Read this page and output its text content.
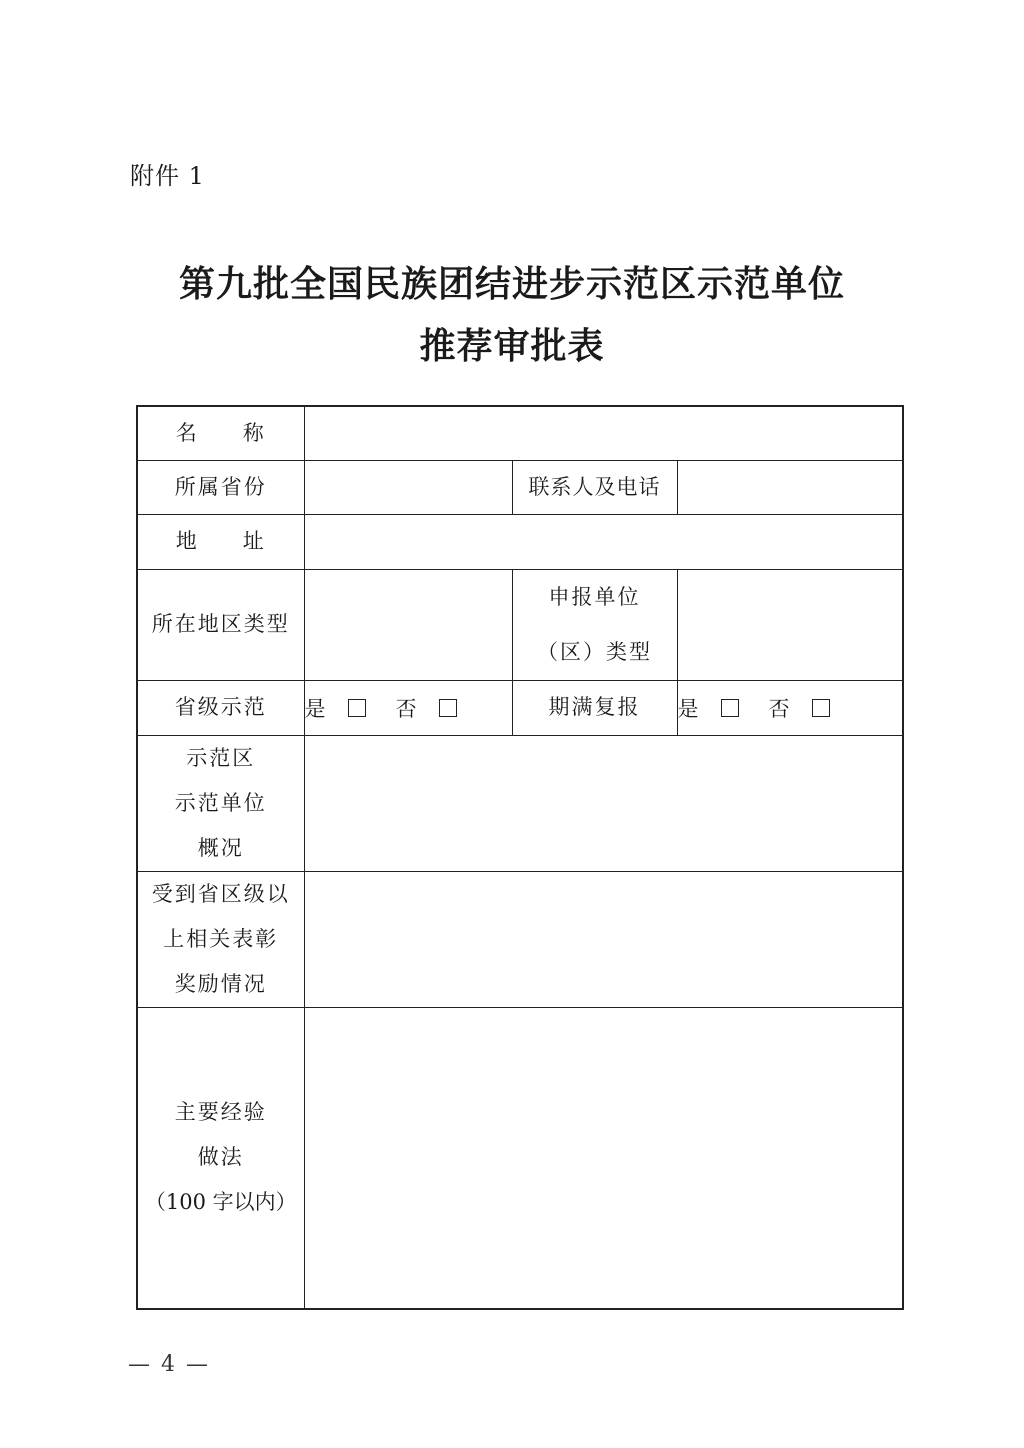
附件 1
第九批全国民族团结进步示范区示范单位
推荐审批表
名 称			
所属省份		联系人及电话	
地 址			
所在地区类型		申报单位
（区）类型	

省级示范	是 否	期满复报	是 否

示范区
示范单位
概况			

受到省区级以
上相关表彰
奖励情况			

主要经验
做法
（100 字以内）			

— 4 —
